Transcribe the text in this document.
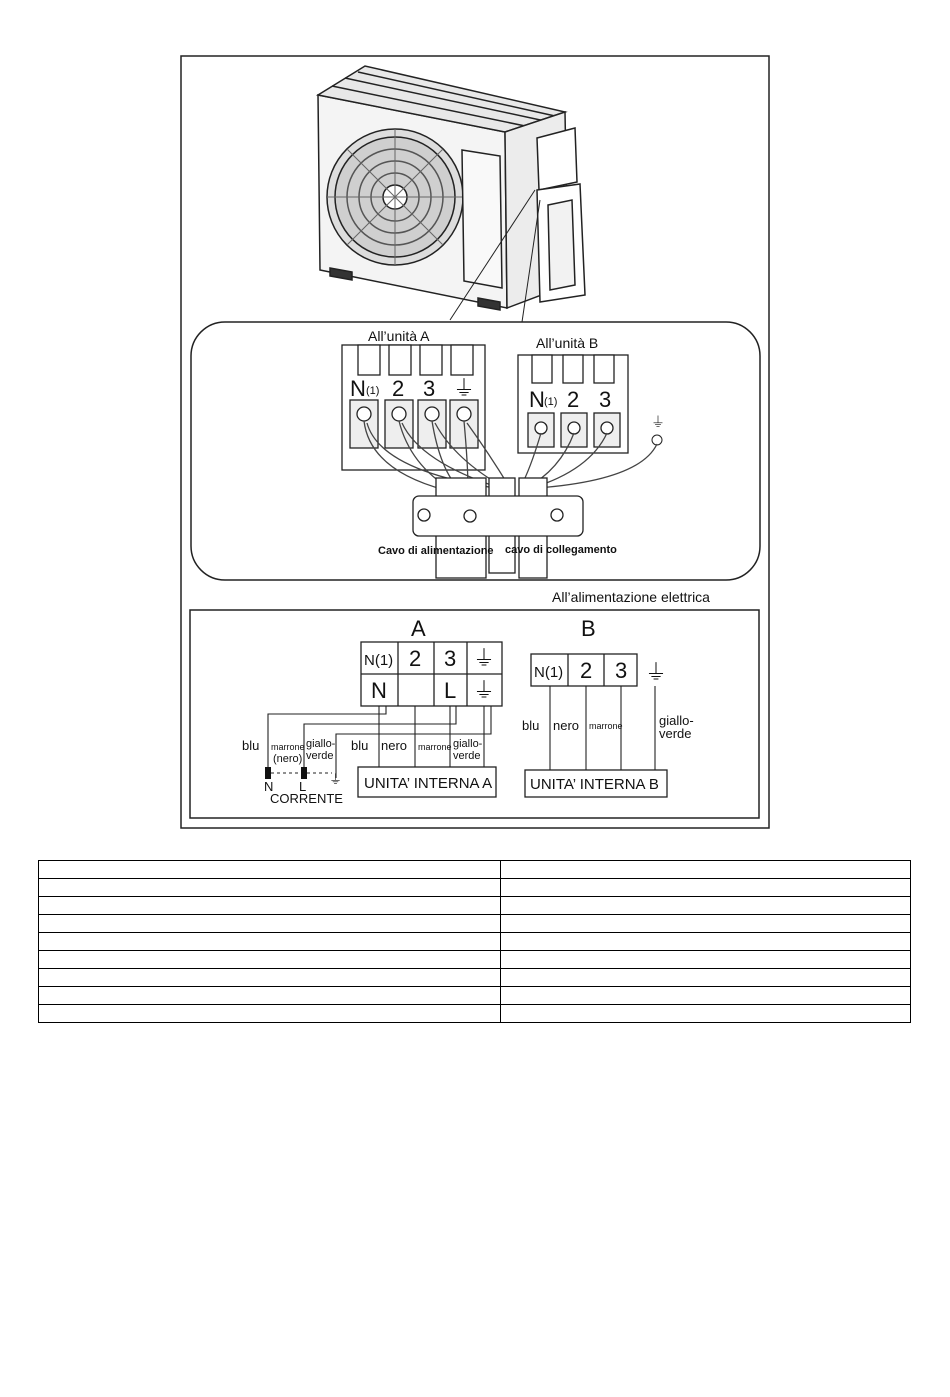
All’unità A	All’unità B
N (1) 2 3 ⏚ N (1) 2 3
⏚
Cavo di alimentazione cavo di collegamento
All’alimentazione elettrica
A
N(1) 2 3 ⏚
N	L ⏚
UNITA’ INTERNA A
blu nero marrone giallo-
verde
blu marrone
(nero)
giallo-
verde
⏚
N L
CORRENTE
B
N(1) 2 3 ⏚
UNITA’ INTERNA B
blu nero marrone	giallo-
verde
